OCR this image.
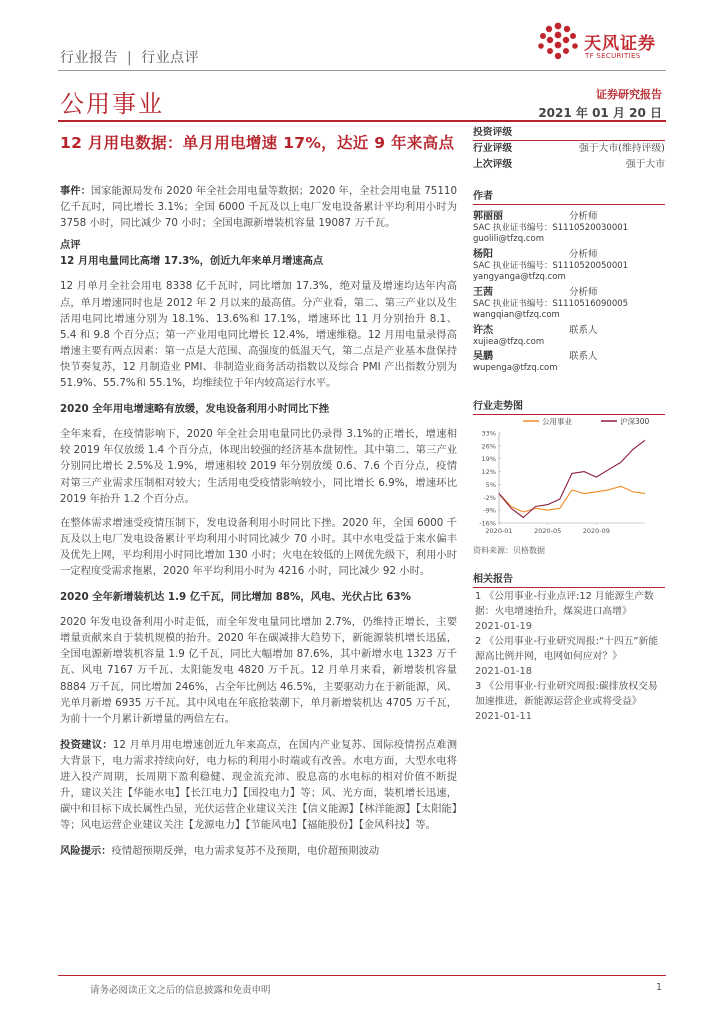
行业报告 | 行业点评
天风证券
TF SECURITIES
公用事业	证券研究报告
2021 年 01 月 20 日
12 月用电数据：单月用电增速 17%，达近 9 年来高点
投资评级
行业评级	强于大市(维持评级)
上次评级	强于大市
作者
郭丽丽	分析师
SAC 执业证书编号：S1110520030001
guolili@tfzq.com
杨阳	分析师
SAC 执业证书编号：S1110520050001
yangyanga@tfzq.com
王茜	分析师
SAC 执业证书编号：S1110516090005
wangqian@tfzq.com
许杰	联系人
xujiea@tfzq.com
吴鹏	联系人
wupenga@tfzq.com
行业走势图
公用事业	沪深300
33%
26%
19%
12%
5%
-2%
-9%
-16%
2020-01	2020-05	2020-09
资料来源：贝格数据
相关报告
1 《公用事业-行业点评:12 月能源生产数据：火电增速抬升，煤炭进口高增》
2021-01-19
2 《公用事业-行业研究周报:“十四五”新能源高比例并网，电网如何应对？》
2021-01-18
3 《公用事业-行业研究周报:碳排放权交易加速推进，新能源运营企业或将受益》
2021-01-11

事件：国家能源局发布 2020 年全社会用电量等数据；2020 年，全社会用电量 75110 亿千瓦时，同比增长 3.1%；全国 6000 千瓦及以上电厂发电设备累计平均利用小时为 3758 小时，同比减少 70 小时；全国电源新增装机容量 19087 万千瓦。

点评

12 月用电量同比高增 17.3%，创近九年来单月增速高点

12 月单月全社会用电 8338 亿千瓦时，同比增加 17.3%，绝对量及增速均达年内高点，单月增速同时也是 2012 年 2 月以来的最高值。分产业看，第二、第三产业以及生活用电同比增速分别为 18.1%、13.6%和 17.1%，增速环比 11 月分别抬升 8.1、5.4 和 9.8 个百分点；第一产业用电同比增长 12.4%，增速维稳。12 月用电量录得高增速主要有两点因素：第一点是大范围、高强度的低温天气，第二点是产业基本盘保持快节奏复苏，12 月制造业 PMI、非制造业商务活动指数以及综合 PMI 产出指数分别为 51.9%、55.7%和 55.1%，均维续位于年内较高运行水平。

2020 全年用电增速略有放缓，发电设备利用小时同比下挫

全年来看，在疫情影响下，2020 年全社会用电量同比仍录得 3.1%的正增长，增速相较 2019 年仅放缓 1.4 个百分点，体现出较强的经济基本盘韧性。其中第二、第三产业分别同比增长 2.5%及 1.9%，增速相较 2019 年分别放缓 0.6、7.6 个百分点，疫情对第三产业需求压制相对较大；生活用电受疫情影响较小，同比增长 6.9%，增速环比 2019 年抬升 1.2 个百分点。

在整体需求增速受疫情压制下，发电设备利用小时同比下挫。2020 年，全国 6000 千瓦及以上电厂发电设备累计平均利用小时同比减少 70 小时。其中水电受益于来水偏丰及优先上网，平均利用小时同比增加 130 小时；火电在较低的上网优先级下，利用小时一定程度受需求拖累，2020 年平均利用小时为 4216 小时，同比减少 92 小时。

2020 全年新增装机达 1.9 亿千瓦，同比增加 88%，风电、光伏占比 63%

2020 年发电设备利用小时走低，而全年发电量同比增加 2.7%，仍维持正增长，主要增量贡献来自于装机规模的抬升。2020 年在碳减排大趋势下，新能源装机增长迅猛，全国电源新增装机容量 1.9 亿千瓦，同比大幅增加 87.6%，其中新增水电 1323 万千瓦、风电 7167 万千瓦、太阳能发电 4820 万千瓦。12 月单月来看，新增装机容量 8884 万千瓦，同比增加 246%，占全年比例达 46.5%，主要驱动力在于新能源，风、光单月新增 6935 万千瓦。其中风电在年底抢装潮下，单月新增装机达 4705 万千瓦，为前十一个月累计新增量的两倍左右。

投资建议：12 月单月用电增速创近九年来高点，在国内产业复苏、国际疫情拐点难测大背景下，电力需求持续向好，电力标的利用小时端或有改善。水电方面，大型水电将进入投产周期，长周期下盈利稳健、现金流充沛、股息高的水电标的相对价值不断提升，建议关注【华能水电】【长江电力】【国投电力】等；风、光方面，装机增长迅速，碳中和目标下成长属性凸显，光伏运营企业建议关注【信义能源】【林洋能源】【太阳能】等；风电运营企业建议关注【龙源电力】【节能风电】【福能股份】【金风科技】等。

风险提示：疫情超预期反弹，电力需求复苏不及预期，电价超预期波动

请务必阅读正文之后的信息披露和免责申明	1
